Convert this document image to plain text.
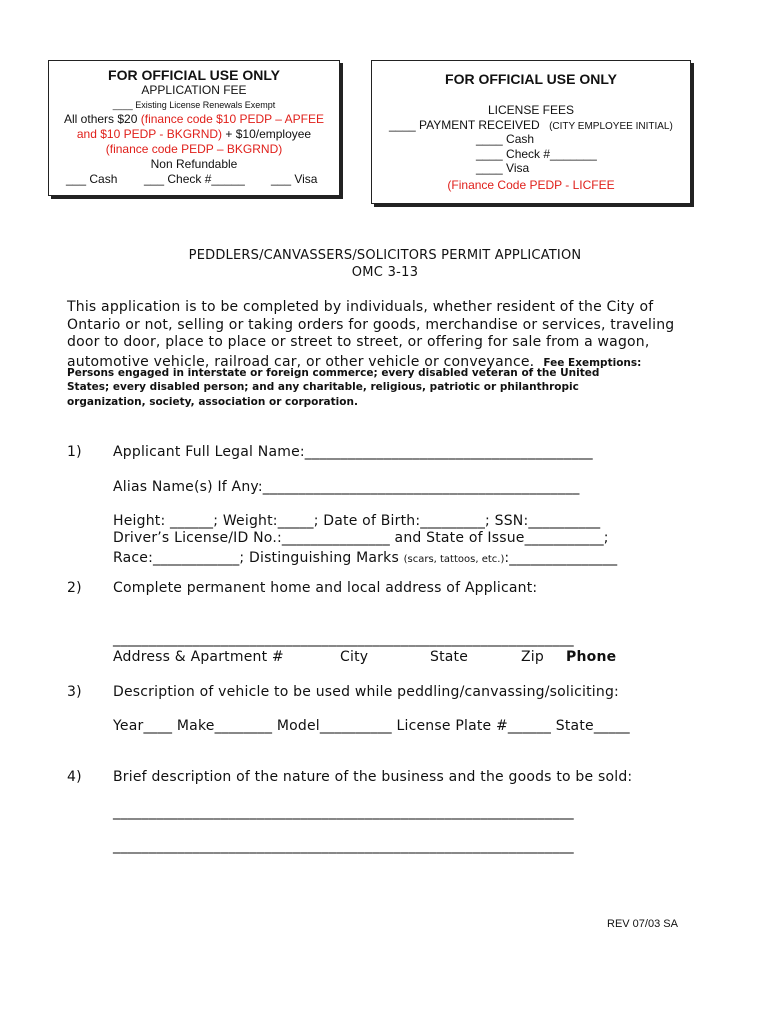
FOR OFFICIAL USE ONLY
APPLICATION FEE
____ Existing License Renewals Exempt
All others $20 (finance code $10 PEDP – APFEE
and $10 PEDP - BKGRND) + $10/employee
(finance code PEDP – BKGRND)
Non Refundable
___ Cash ___ Check #_____ ___ Visa
FOR OFFICIAL USE ONLY
LICENSE FEES
____ PAYMENT RECEIVED (CITY EMPLOYEE INITIAL)
____ Cash
____ Check #_______
____ Visa
(Finance Code PEDP - LICFEE
PEDDLERS/CANVASSERS/SOLICITORS PERMIT APPLICATION
OMC 3-13
This application is to be completed by individuals, whether resident of the City of
Ontario or not, selling or taking orders for goods, merchandise or services, traveling
door to door, place to place or street to street, or offering for sale from a wagon,
automotive vehicle, railroad car, or other vehicle or conveyance. Fee Exemptions:
Persons engaged in interstate or foreign commerce; every disabled veteran of the United
States; every disabled person; and any charitable, religious, patriotic or philanthropic
organization, society, association or corporation.
1) Applicant Full Legal Name:________________________________________
Alias Name(s) If Any:____________________________________________
Height: ______; Weight:_____; Date of Birth:_________; SSN:__________
Driver’s License/ID No.:_______________ and State of Issue___________;
Race:____________; Distinguishing Marks (scars, tattoos, etc.):_______________
2) Complete permanent home and local address of Applicant:
________________________________________________________________
Address & Apartment #	City	State	Zip Phone
3) Description of vehicle to be used while peddling/canvassing/soliciting:
Year____ Make________ Model__________ License Plate #______ State_____
4) Brief description of the nature of the business and the goods to be sold:
________________________________________________________________
________________________________________________________________
REV 07/03 SA
